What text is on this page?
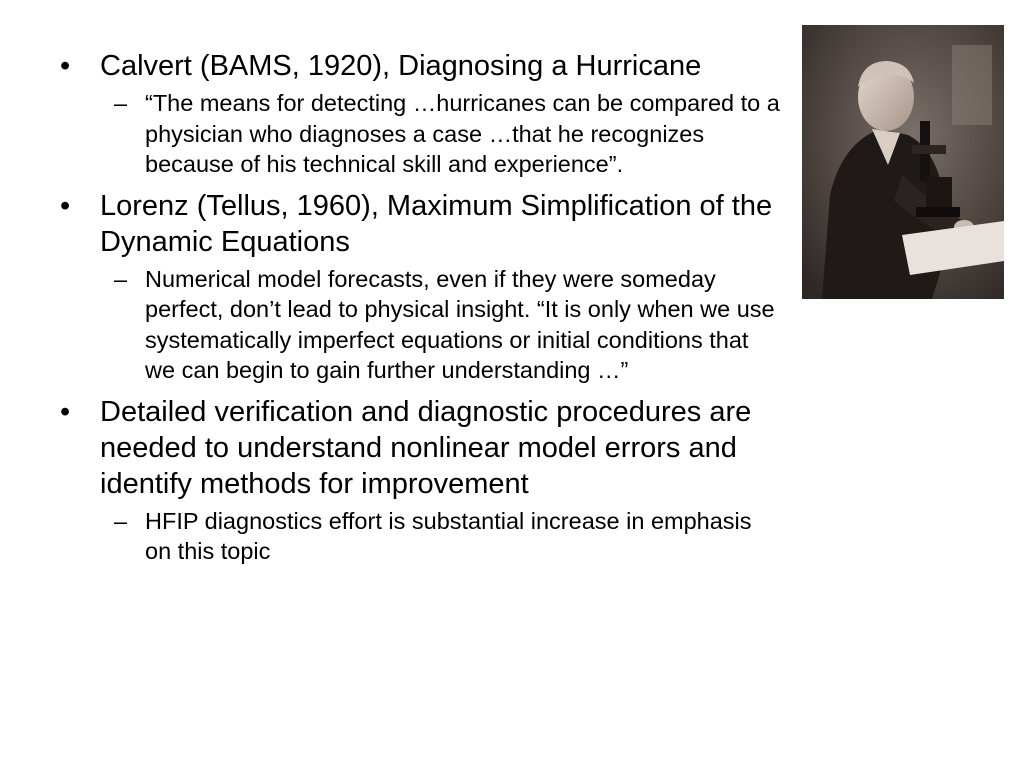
•	Calvert (BAMS, 1920), Diagnosing a Hurricane
– “The means for detecting …hurricanes can be compared to a physician who diagnoses a case …that he recognizes because of his technical skill and experience”.
•	Lorenz (Tellus, 1960), Maximum Simplification of the Dynamic Equations
– Numerical model forecasts, even if they were someday perfect, don’t lead to physical insight. “It is only when we use systematically imperfect equations or initial conditions that we can begin to gain further understanding …”
•	Detailed verification and diagnostic procedures are needed to understand nonlinear model errors and identify methods for improvement
– HFIP diagnostics effort is substantial increase in emphasis on this topic
